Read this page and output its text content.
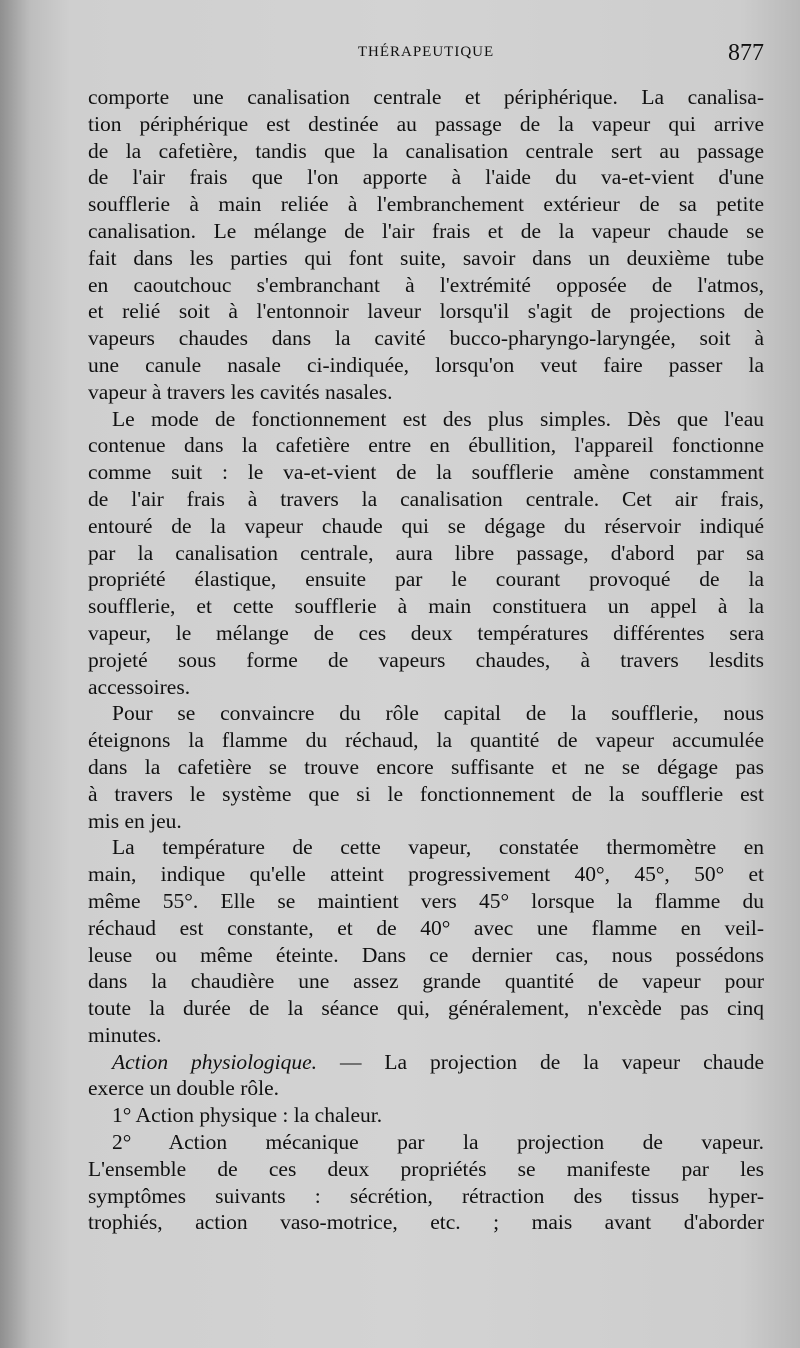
THÉRAPEUTIQUE	877
comporte une canalisation centrale et périphérique. La canalisa-
tion périphérique est destinée au passage de la vapeur qui arrive
de la cafetière, tandis que la canalisation centrale sert au passage
de l'air frais que l'on apporte à l'aide du va-et-vient d'une
soufflerie à main reliée à l'embranchement extérieur de sa petite
canalisation. Le mélange de l'air frais et de la vapeur chaude se
fait dans les parties qui font suite, savoir dans un deuxième tube
en caoutchouc s'embranchant à l'extrémité opposée de l'atmos,
et relié soit à l'entonnoir laveur lorsqu'il s'agit de projections de
vapeurs chaudes dans la cavité bucco-pharyngo-laryngée, soit à
une canule nasale ci-indiquée, lorsqu'on veut faire passer la
vapeur à travers les cavités nasales.
Le mode de fonctionnement est des plus simples. Dès que l'eau
contenue dans la cafetière entre en ébullition, l'appareil fonctionne
comme suit : le va-et-vient de la soufflerie amène constamment
de l'air frais à travers la canalisation centrale. Cet air frais,
entouré de la vapeur chaude qui se dégage du réservoir indiqué
par la canalisation centrale, aura libre passage, d'abord par sa
propriété élastique, ensuite par le courant provoqué de la
soufflerie, et cette soufflerie à main constituera un appel à la
vapeur, le mélange de ces deux températures différentes sera
projeté sous forme de vapeurs chaudes, à travers lesdits
accessoires.
Pour se convaincre du rôle capital de la soufflerie, nous
éteignons la flamme du réchaud, la quantité de vapeur accumulée
dans la cafetière se trouve encore suffisante et ne se dégage pas
à travers le système que si le fonctionnement de la soufflerie est
mis en jeu.
La température de cette vapeur, constatée thermomètre en
main, indique qu'elle atteint progressivement 40°, 45°, 50° et
même 55°. Elle se maintient vers 45° lorsque la flamme du
réchaud est constante, et de 40° avec une flamme en veil-
leuse ou même éteinte. Dans ce dernier cas, nous possédons
dans la chaudière une assez grande quantité de vapeur pour
toute la durée de la séance qui, généralement, n'excède pas cinq
minutes.
Action physiologique. — La projection de la vapeur chaude
exerce un double rôle.
1° Action physique : la chaleur.
2° Action mécanique par la projection de vapeur.
L'ensemble de ces deux propriétés se manifeste par les
symptômes suivants : sécrétion, rétraction des tissus hyper-
trophiés, action vaso-motrice, etc. ; mais avant d'aborder
